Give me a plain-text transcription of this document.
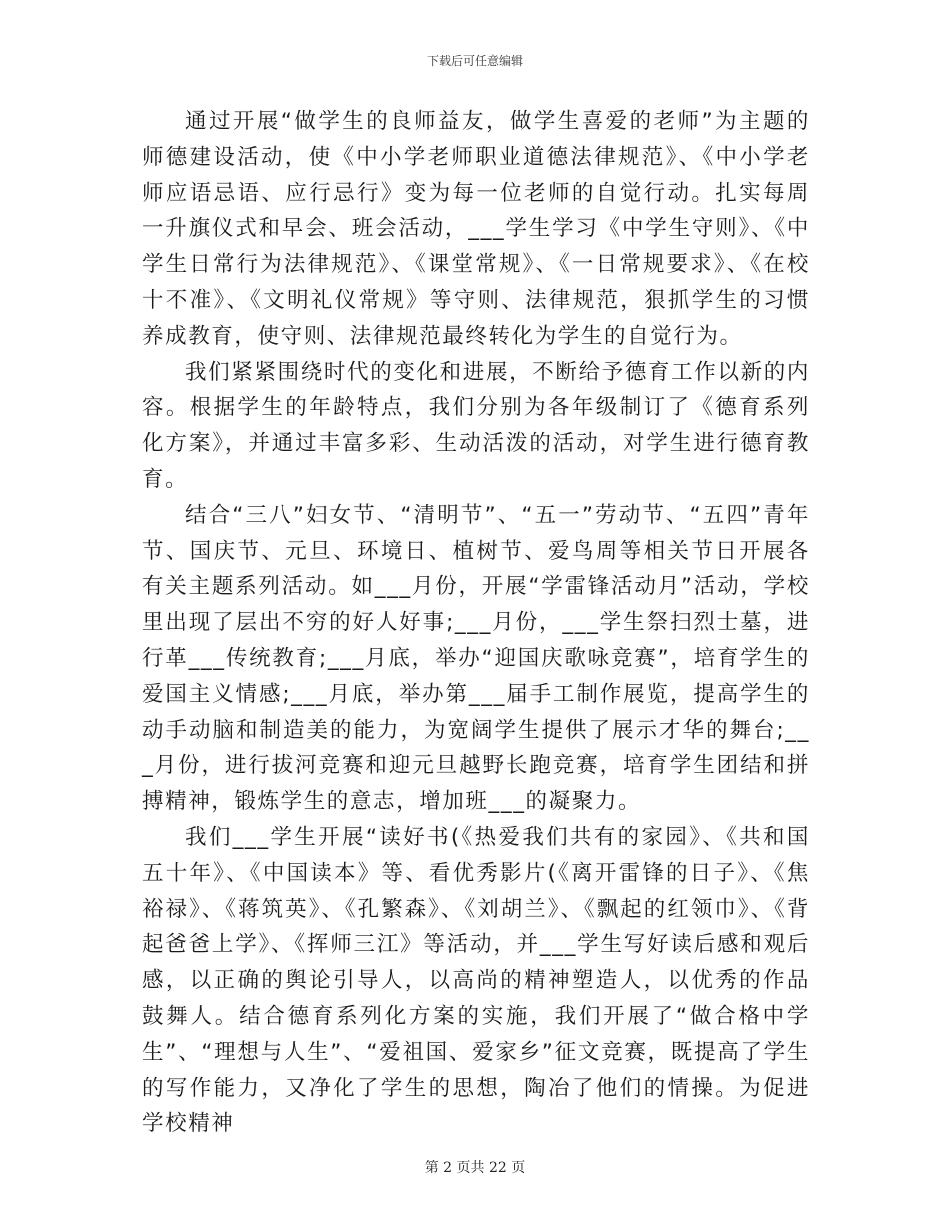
下载后可任意编辑

通过开展“做学生的良师益友，做学生喜爱的老师”为主题的师德建设活动，使《中小学老师职业道德法律规范》、《中小学老师应语忌语、应行忌行》变为每一位老师的自觉行动。扎实每周一升旗仪式和早会、班会活动，___学生学习《中学生守则》、《中学生日常行为法律规范》、《课堂常规》、《一日常规要求》、《在校十不准》、《文明礼仪常规》等守则、法律规范，狠抓学生的习惯养成教育，使守则、法律规范最终转化为学生的自觉行为。

我们紧紧围绕时代的变化和进展，不断给予德育工作以新的内容。根据学生的年龄特点，我们分别为各年级制订了《德育系列化方案》，并通过丰富多彩、生动活泼的活动，对学生进行德育教育。

结合“三八”妇女节、“清明节”、“五一”劳动节、“五四”青年节、国庆节、元旦、环境日、植树节、爱鸟周等相关节日开展各有关主题系列活动。如___月份，开展“学雷锋活动月”活动，学校里出现了层出不穷的好人好事;___月份，___学生祭扫烈士墓，进行革___传统教育;___月底，举办“迎国庆歌咏竞赛”，培育学生的爱国主义情感;___月底，举办第___届手工制作展览，提高学生的动手动脑和制造美的能力，为宽阔学生提供了展示才华的舞台;___月份，进行拔河竞赛和迎元旦越野长跑竞赛，培育学生团结和拼搏精神，锻炼学生的意志，增加班___的凝聚力。

我们___学生开展“读好书(《热爱我们共有的家园》、《共和国五十年》、《中国读本》等、看优秀影片(《离开雷锋的日子》、《焦裕禄》、《蒋筑英》、《孔繁森》、《刘胡兰》、《飘起的红领巾》、《背起爸爸上学》、《挥师三江》等活动，并___学生写好读后感和观后感，以正确的舆论引导人，以高尚的精神塑造人，以优秀的作品鼓舞人。结合德育系列化方案的实施，我们开展了“做合格中学生”、“理想与人生”、“爱祖国、爱家乡”征文竞赛，既提高了学生的写作能力，又净化了学生的思想，陶冶了他们的情操。为促进学校精神

第 2 页共 22 页
